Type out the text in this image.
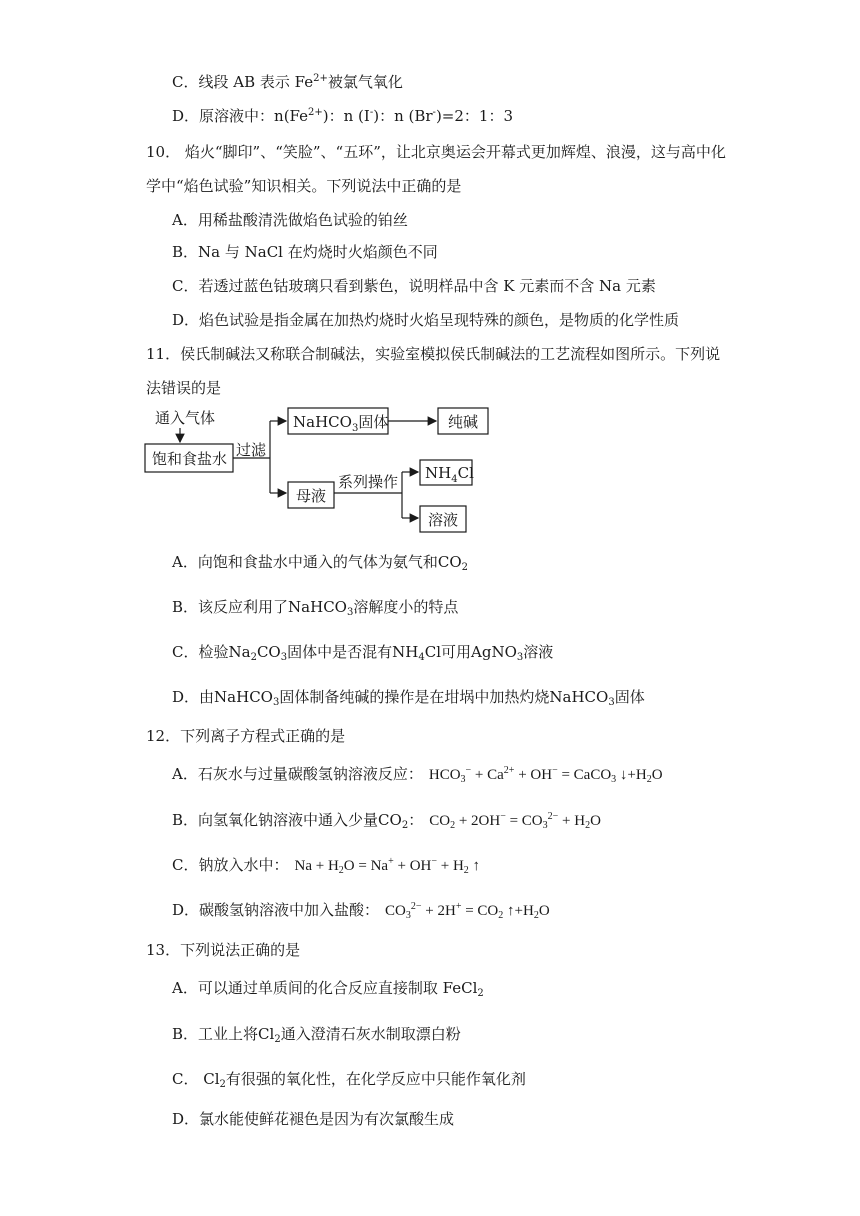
C．线段 AB 表示 $Fe^{2+}$被氯气氧化
D．原溶液中：$n(Fe^{2+})$：n (I-)：n (Br-)=2：1：3
10． 焰火“脚印”、“笑脸”、“五环”，让北京奥运会开幕式更加辉煌、浪漫，这与高中化
学中“焰色试验”知识相关。下列说法中正确的是
A．用稀盐酸清洗做焰色试验的铂丝
B．Na 与 NaCl 在灼烧时火焰颜色不同
C．若透过蓝色钴玻璃只看到紫色，说明样品中含 K 元素而不含 Na 元素
D．焰色试验是指金属在加热灼烧时火焰呈现特殊的颜色，是物质的化学性质
11．侯氏制碱法又称联合制碱法，实验室模拟侯氏制碱法的工艺流程如图所示。下列说
法错误的是
通入气体
饱和食盐水 过滤
NaHCO$_3$固体	纯碱
母液
系列操作 $NH_4Cl$
溶液
A．向饱和食盐水中通入的气体为氨气和$CO_2$
B．该反应利用了NaHCO$_3$溶解度小的特点
C．检验$Na_2CO_3$固体中是否混有$NH_4Cl$可用AgNO$_3$溶液
D．由NaHCO$_3$固体制备纯碱的操作是在坩埚中加热灼烧NaHCO$_3$固体
12．下列离子方程式正确的是
A．石灰水与过量碳酸氢钠溶液反应： $HCO_3^- + Ca^{2+} + OH^-$ = CaCO$_3$ $↓+H_2O$
B．向氢氧化钠溶液中通入少量$CO_2$： $CO_2 + 2OH^- = CO_3^{2-} + H_2O$
C．钠放入水中： $Na + H_2O = Na^+ + OH^- + H_2$ ↑
D．碳酸氢钠溶液中加入盐酸： $CO_3^{2-} + 2H^+ = CO_2$ $↑+H_2O$
13．下列说法正确的是
A．可以通过单质间的化合反应直接制取 FeCl$_2$
B．工业上将$Cl_2$通入澄清石灰水制取漂白粉
C． $Cl_2$有很强的氧化性，在化学反应中只能作氧化剂
D．氯水能使鲜花褪色是因为有次氯酸生成
